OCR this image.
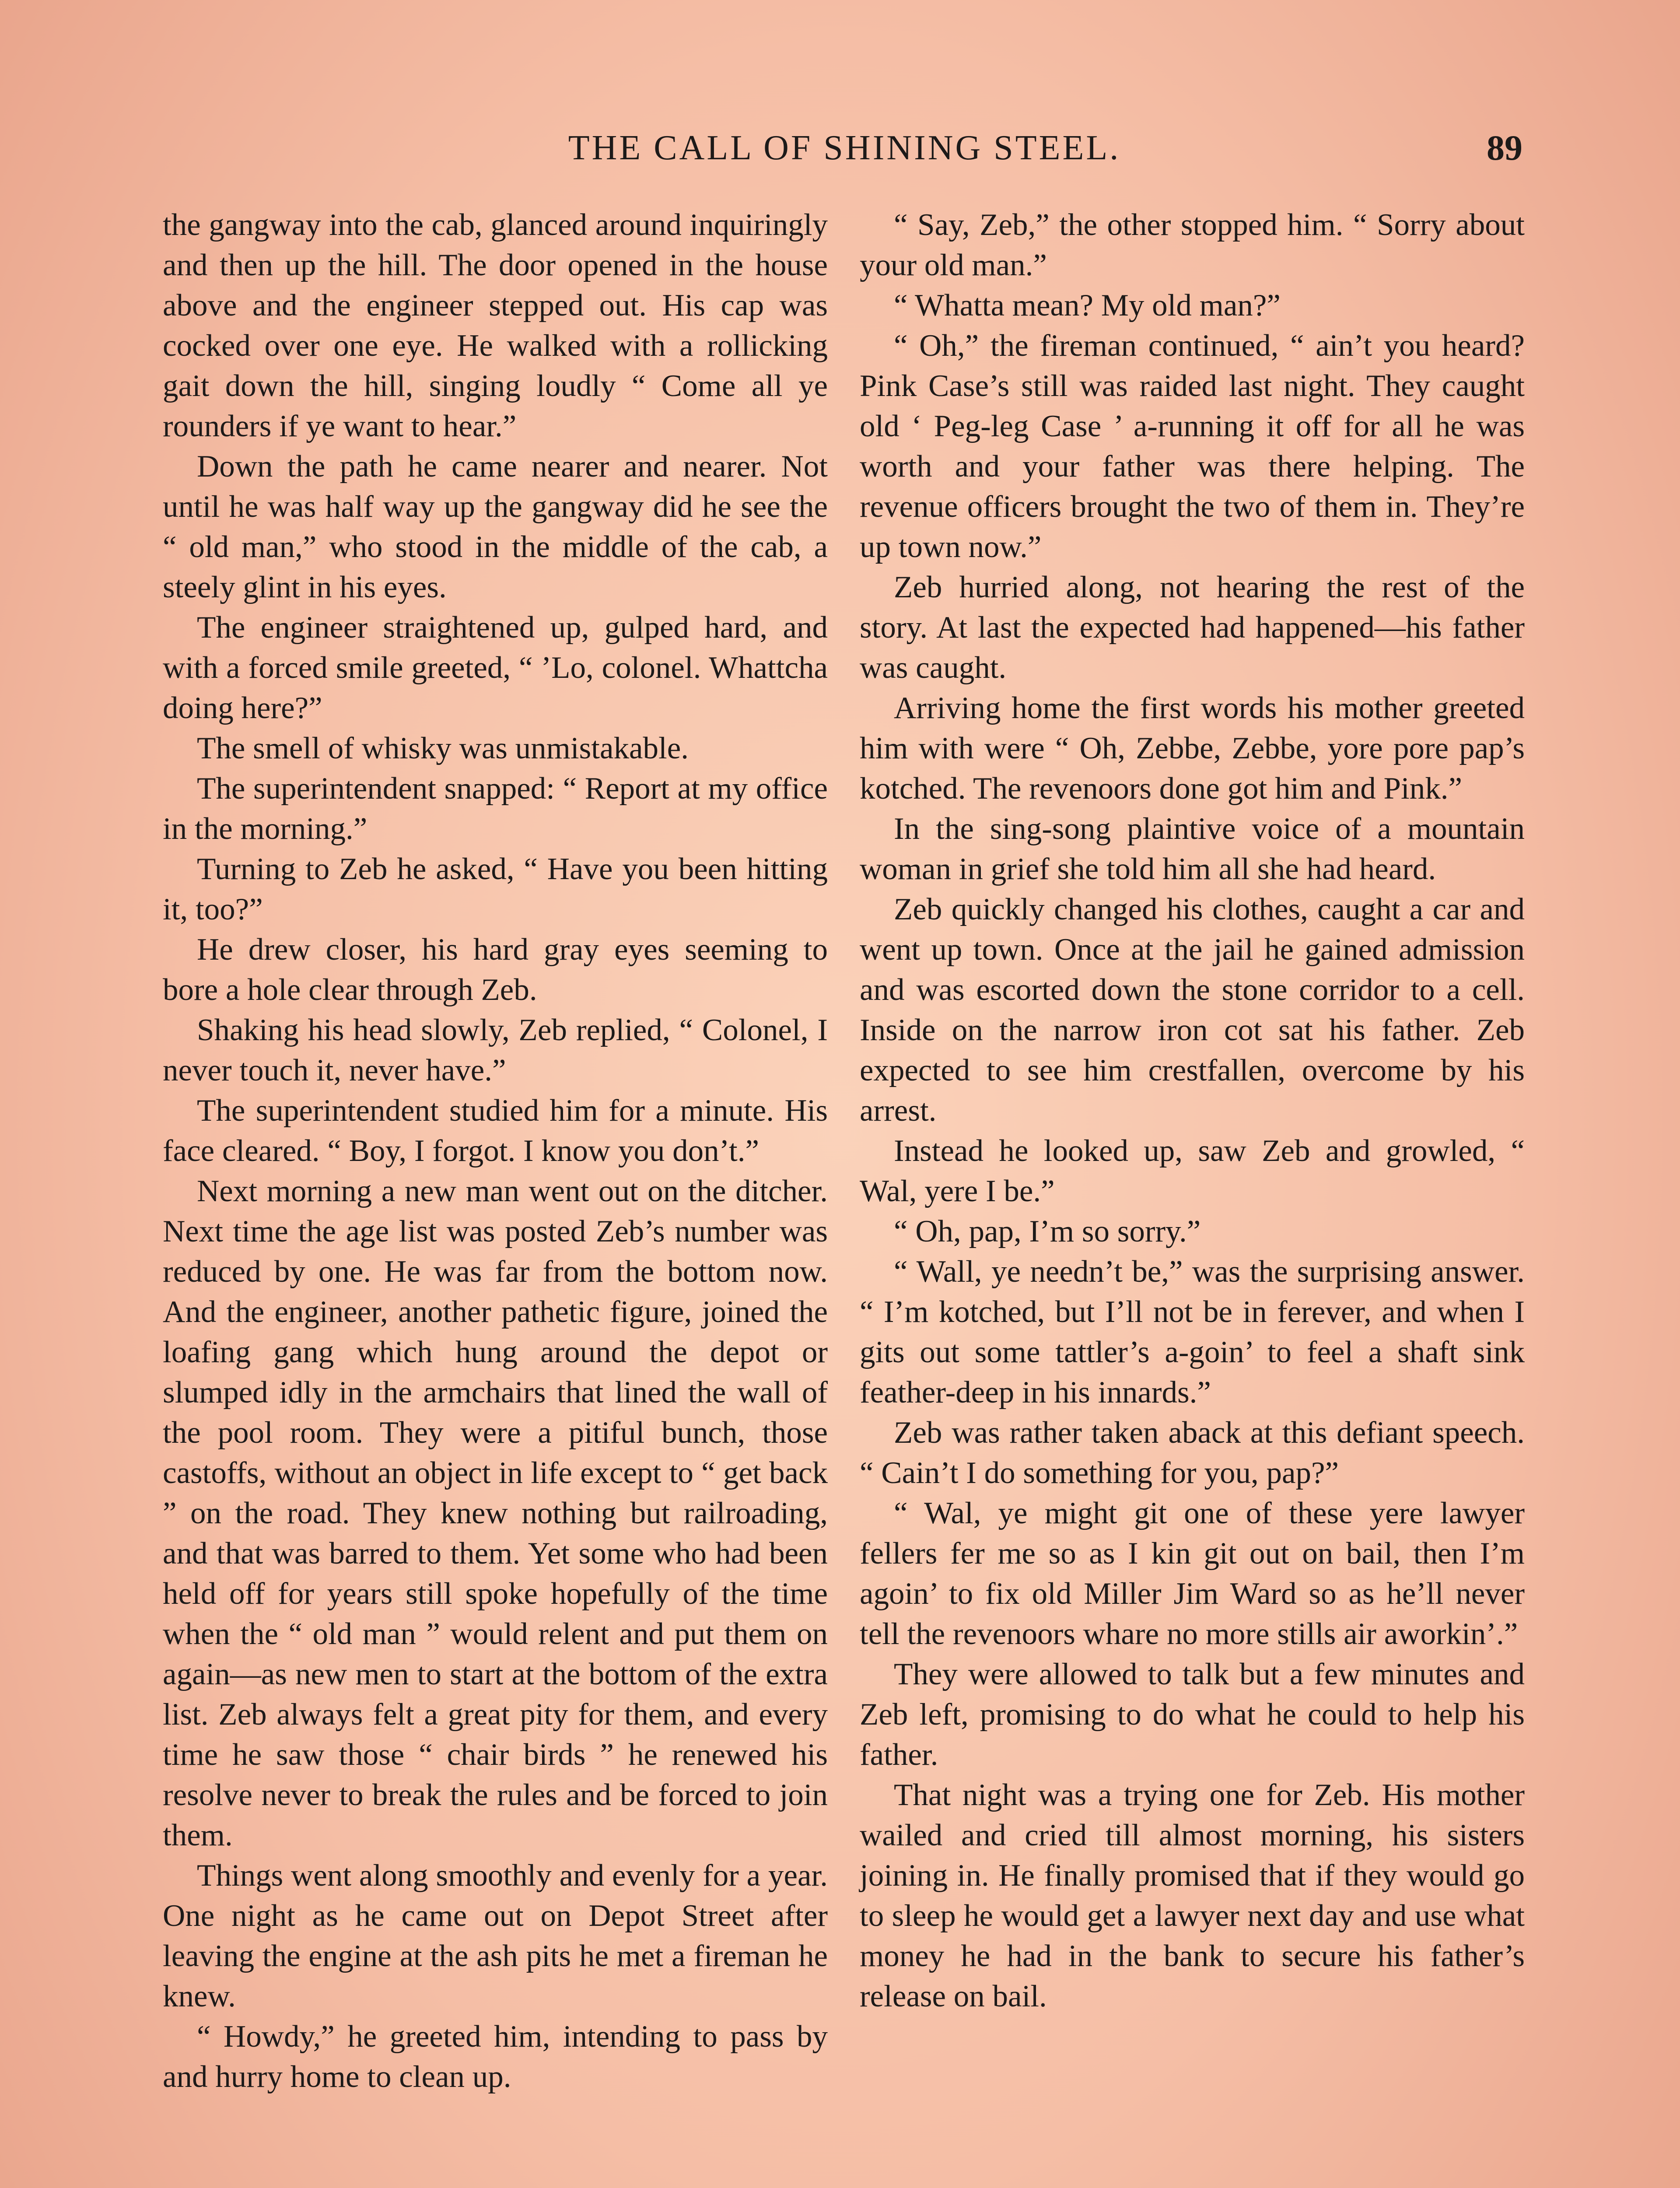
THE CALL OF SHINING STEEL.	89

the gangway into the cab, glanced around inquiringly and then up the hill. The door opened in the house above and the engineer stepped out. His cap was cocked over one eye. He walked with a rollicking gait down the hill, singing loudly “ Come all ye rounders if ye want to hear.”

Down the path he came nearer and nearer. Not until he was half way up the gangway did he see the “ old man,” who stood in the middle of the cab, a steely glint in his eyes.

The engineer straightened up, gulped hard, and with a forced smile greeted, “ ’Lo, colonel. Whattcha doing here?”

The smell of whisky was unmistakable.

The superintendent snapped: “ Report at my office in the morning.”

Turning to Zeb he asked, “ Have you been hitting it, too?”

He drew closer, his hard gray eyes seeming to bore a hole clear through Zeb.

Shaking his head slowly, Zeb replied, “ Colonel, I never touch it, never have.”

The superintendent studied him for a minute. His face cleared. “ Boy, I forgot. I know you don’t.”

Next morning a new man went out on the ditcher. Next time the age list was posted Zeb’s number was reduced by one. He was far from the bottom now. And the engineer, another pathetic figure, joined the loafing gang which hung around the depot or slumped idly in the armchairs that lined the wall of the pool room. They were a pitiful bunch, those castoffs, without an object in life except to “ get back ” on the road. They knew nothing but railroading, and that was barred to them. Yet some who had been held off for years still spoke hopefully of the time when the “ old man ” would relent and put them on again—as new men to start at the bottom of the extra list. Zeb always felt a great pity for them, and every time he saw those “ chair birds ” he renewed his resolve never to break the rules and be forced to join them.

Things went along smoothly and evenly for a year. One night as he came out on Depot Street after leaving the engine at the ash pits he met a fireman he knew.

“ Howdy,” he greeted him, intending to pass by and hurry home to clean up.

“ Say, Zeb,” the other stopped him. “ Sorry about your old man.”

“ Whatta mean? My old man?”

“ Oh,” the fireman continued, “ ain’t you heard? Pink Case’s still was raided last night. They caught old ‘ Peg-leg Case ’ a-running it off for all he was worth and your father was there helping. The revenue officers brought the two of them in. They’re up town now.”

Zeb hurried along, not hearing the rest of the story. At last the expected had happened—his father was caught.

Arriving home the first words his mother greeted him with were “ Oh, Zebbe, Zebbe, yore pore pap’s kotched. The revenoors done got him and Pink.”

In the sing-song plaintive voice of a mountain woman in grief she told him all she had heard.

Zeb quickly changed his clothes, caught a car and went up town. Once at the jail he gained admission and was escorted down the stone corridor to a cell. Inside on the narrow iron cot sat his father. Zeb expected to see him crestfallen, overcome by his arrest.

Instead he looked up, saw Zeb and growled, “ Wal, yere I be.”

“ Oh, pap, I’m so sorry.”

“ Wall, ye needn’t be,” was the surprising answer. “ I’m kotched, but I’ll not be in ferever, and when I gits out some tattler’s a-goin’ to feel a shaft sink feather-deep in his innards.”

Zeb was rather taken aback at this defiant speech. “ Cain’t I do something for you, pap?”

“ Wal, ye might git one of these yere lawyer fellers fer me so as I kin git out on bail, then I’m agoin’ to fix old Miller Jim Ward so as he’ll never tell the revenoors whare no more stills air aworkin’.”

They were allowed to talk but a few minutes and Zeb left, promising to do what he could to help his father.

That night was a trying one for Zeb. His mother wailed and cried till almost morning, his sisters joining in. He finally promised that if they would go to sleep he would get a lawyer next day and use what money he had in the bank to secure his father’s release on bail.
